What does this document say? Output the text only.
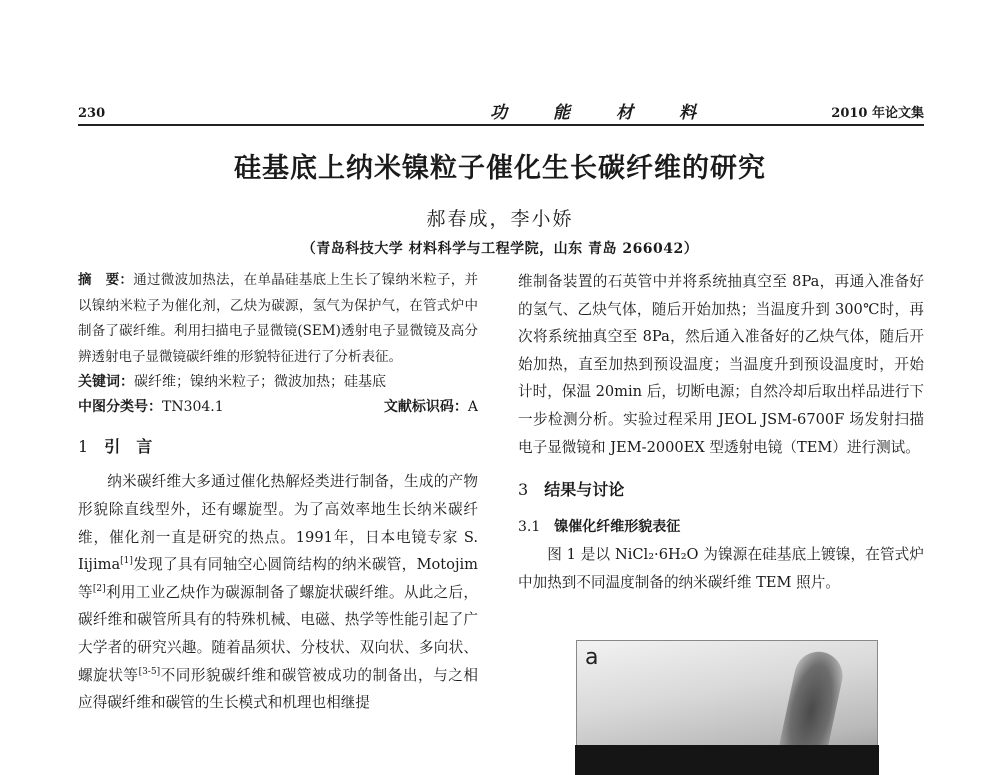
230	功能材料	2010 年论文集
硅基底上纳米镍粒子催化生长碳纤维的研究
郝春成，李小娇
（青岛科技大学 材料科学与工程学院，山东 青岛 266042）

摘　要：通过微波加热法，在单晶硅基底上生长了镍纳米粒子，并以镍纳米粒子为催化剂，乙炔为碳源，氢气为保护气，在管式炉中制备了碳纤维。利用扫描电子显微镜(SEM)透射电子显微镜及高分辨透射电子显微镜碳纤维的形貌特征进行了分析表征。

关键词：碳纤维；镍纳米粒子；微波加热；硅基底

中图分类号：TN304.1	文献标识码：A
1 引　言

纳米碳纤维大多通过催化热解烃类进行制备，生成的产物形貌除直线型外，还有螺旋型。为了高效率地生长纳米碳纤维，催化剂一直是研究的热点。1991年，日本电镜专家 S. Iijima[1]发现了具有同轴空心圆筒结构的纳米碳管，Motojim 等[2]利用工业乙炔作为碳源制备了螺旋状碳纤维。从此之后，碳纤维和碳管所具有的特殊机械、电磁、热学等性能引起了广大学者的研究兴趣。随着晶须状、分枝状、双向状、多向状、螺旋状等[3-5]不同形貌碳纤维和碳管被成功的制备出，与之相应得碳纤维和碳管的生长模式和机理也相继提

维制备装置的石英管中并将系统抽真空至 8Pa，再通入准备好的氢气、乙炔气体，随后开始加热；当温度升到 300℃时，再次将系统抽真空至 8Pa，然后通入准备好的乙炔气体，随后开始加热，直至加热到预设温度；当温度升到预设温度时，开始计时，保温 20min 后，切断电源；自然冷却后取出样品进行下一步检测分析。实验过程采用 JEOL JSM-6700F 场发射扫描电子显微镜和 JEM-2000EX 型透射电镜（TEM）进行测试。

3 结果与讨论
3.1 镍催化纤维形貌表征

图 1 是以 NiCl₂·6H₂O 为镍源在硅基底上镀镍，在管式炉中加热到不同温度制备的纳米碳纤维 TEM 照片。

a
